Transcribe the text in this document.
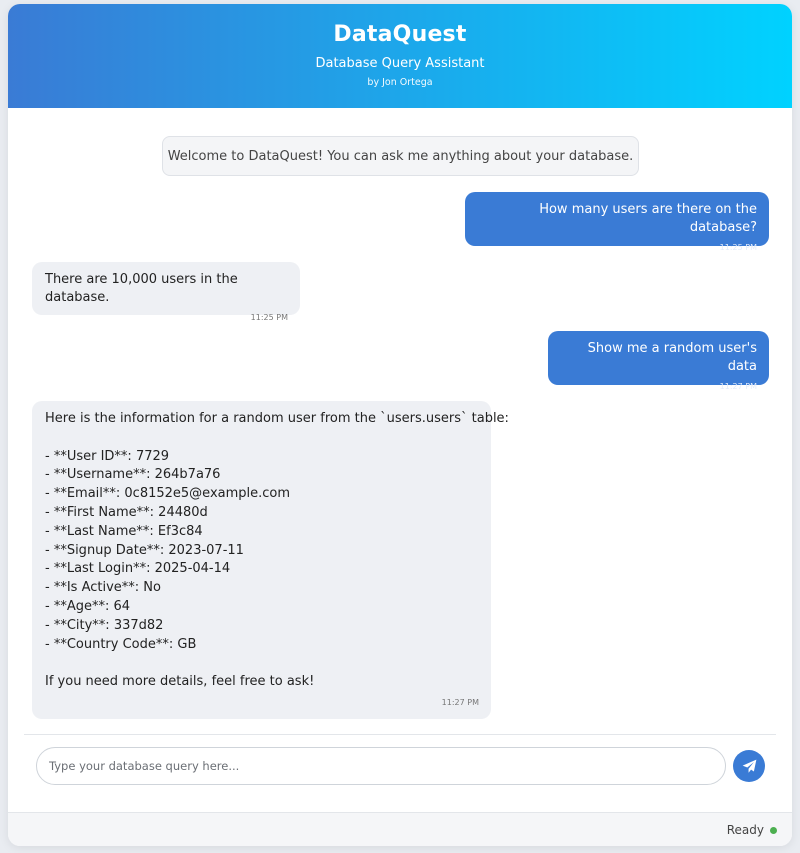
DataQuest
Database Query Assistant
by Jon Ortega
Welcome to DataQuest! You can ask me anything about your database.
How many users are there on the database?
11:25 PM
There are 10,000 users in the database.
11:25 PM
Show me a random user's data
11:27 PM
Here is the information for a random user from the `users.users` table:
- **User ID**: 7729
- **Username**: 264b7a76
- **Email**: 0c8152e5@example.com
- **First Name**: 24480d
- **Last Name**: Ef3c84
- **Signup Date**: 2023-07-11
- **Last Login**: 2025-04-14
- **Is Active**: No
- **Age**: 64
- **City**: 337d82
- **Country Code**: GB
If you need more details, feel free to ask!
11:27 PM
Type your database query here...
Ready
